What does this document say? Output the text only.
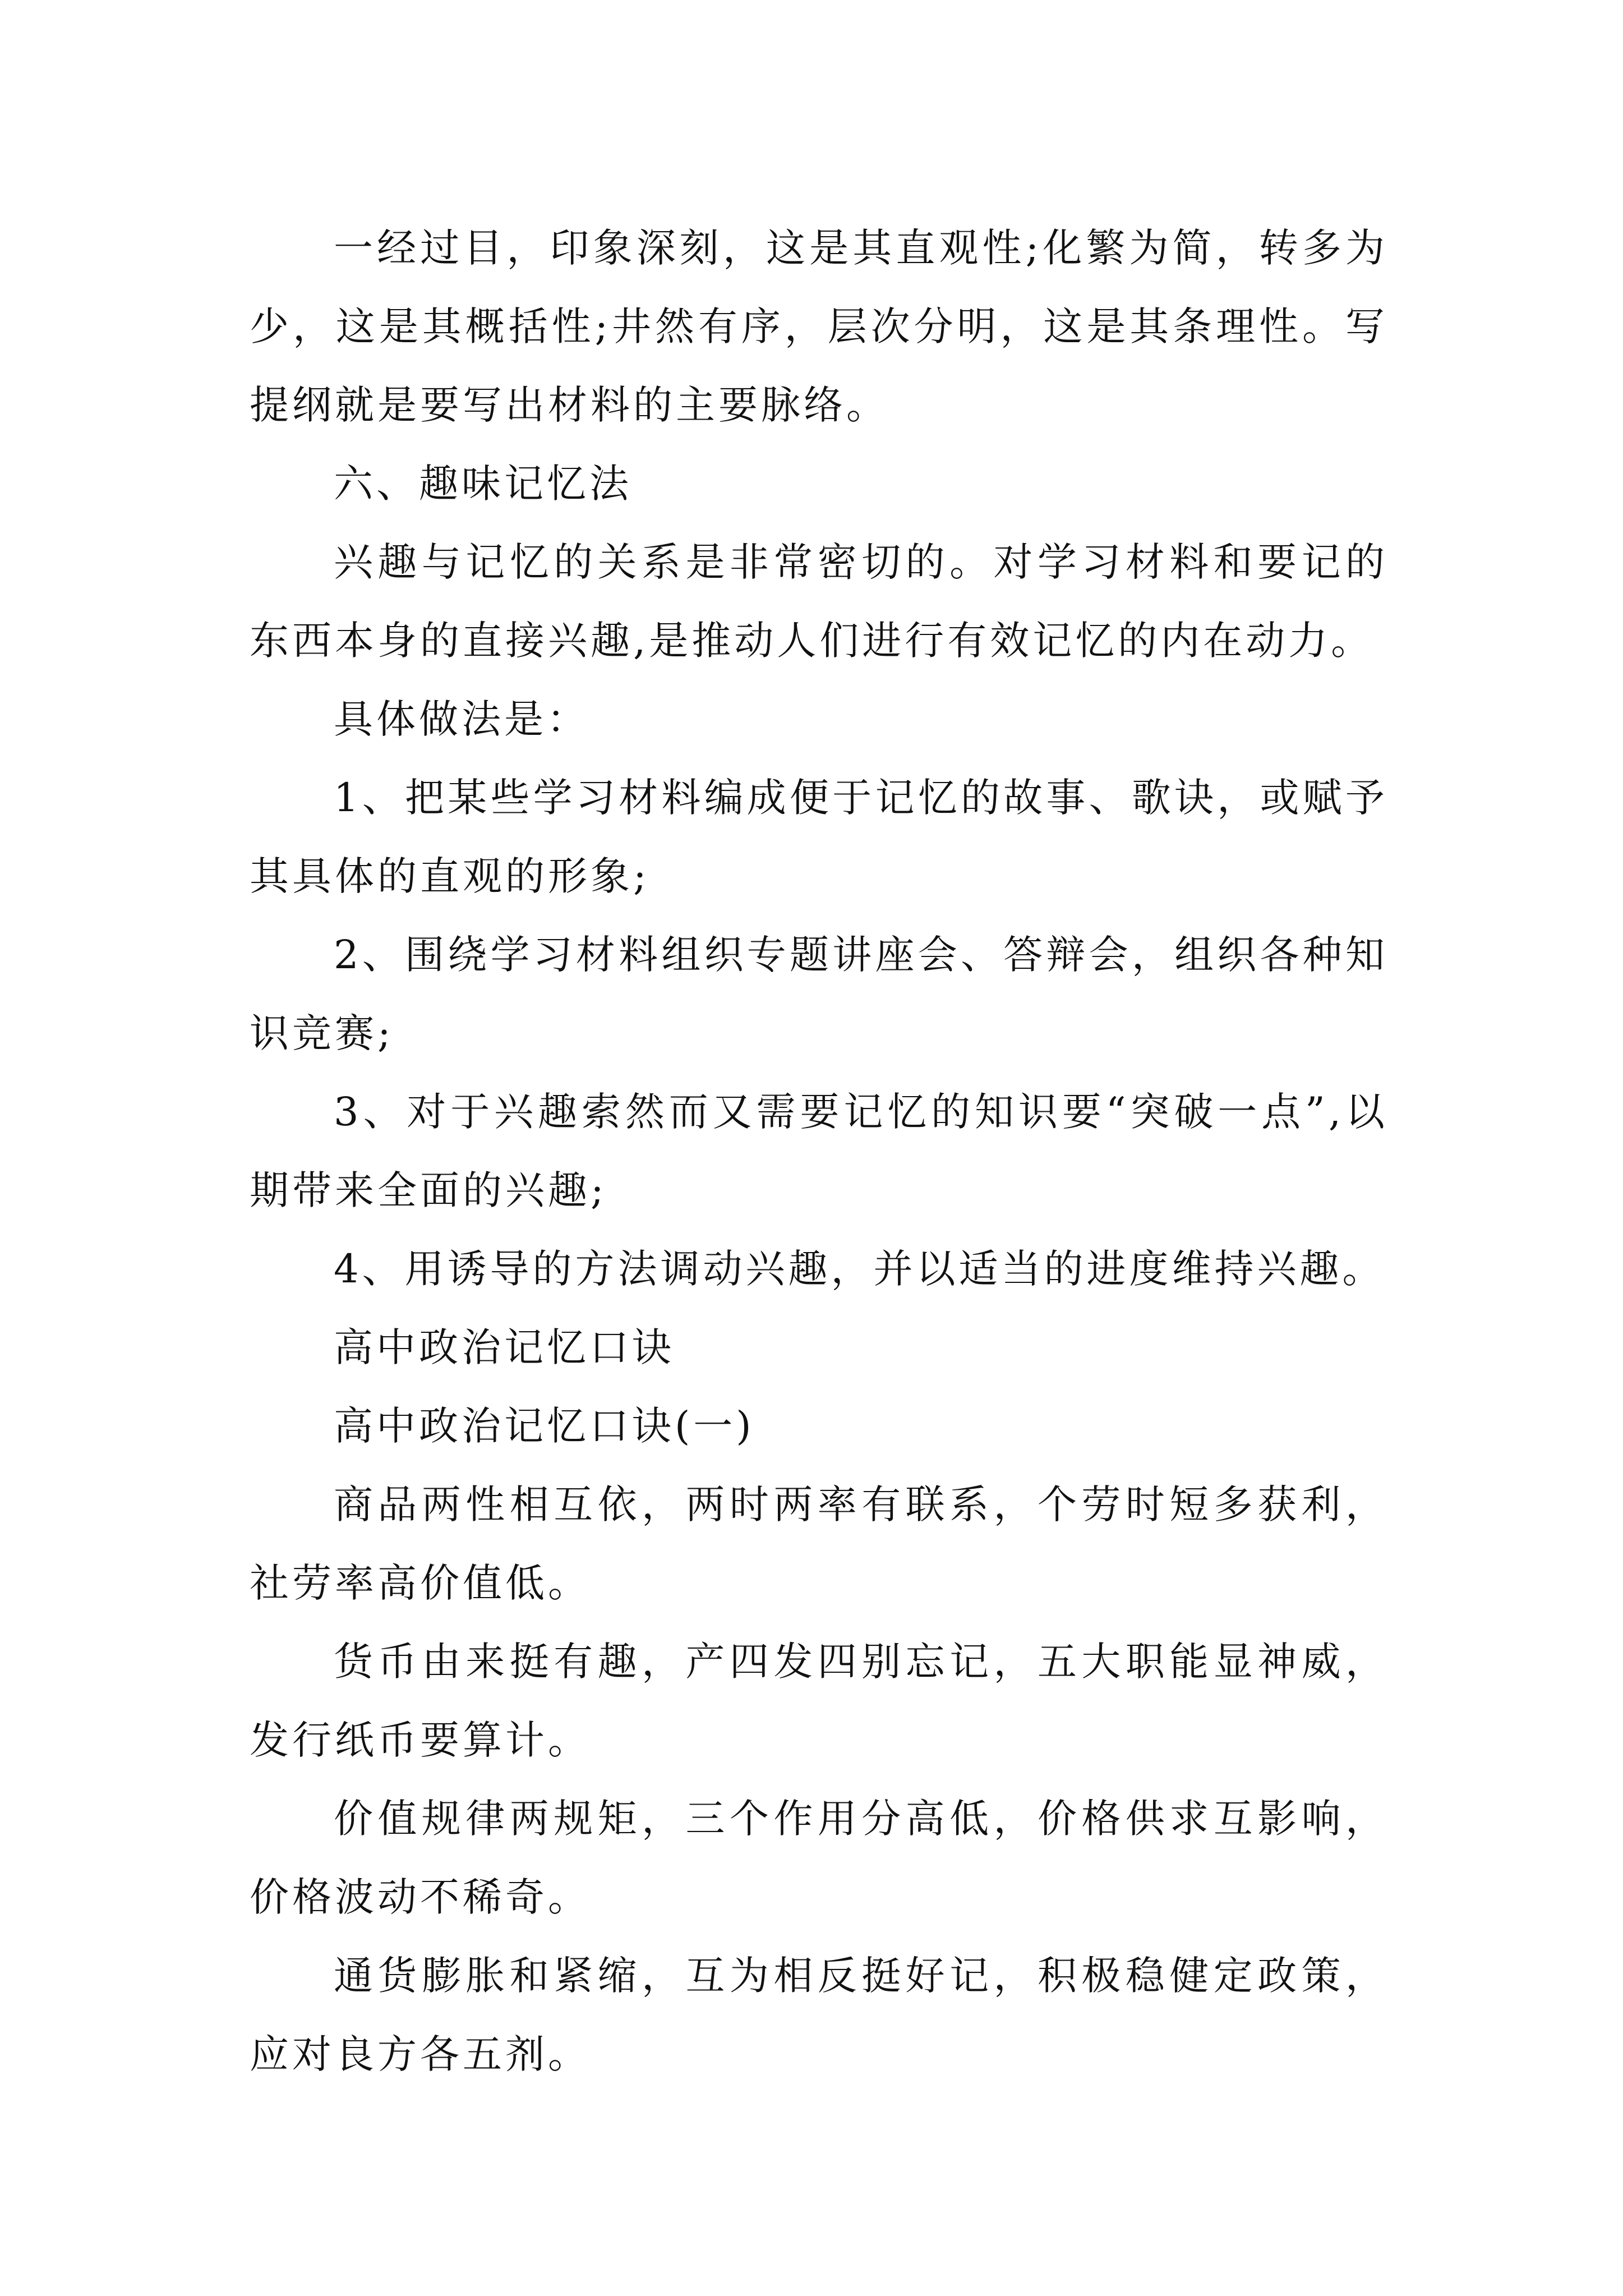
一经过目，印象深刻，这是其直观性;化繁为简，转多为少，这是其概括性;井然有序，层次分明，这是其条理性。写提纲就是要写出材料的主要脉络。

六、趣味记忆法

兴趣与记忆的关系是非常密切的。对学习材料和要记的东西本身的直接兴趣,是推动人们进行有效记忆的内在动力。

具体做法是：

1、把某些学习材料编成便于记忆的故事、歌诀，或赋予其具体的直观的形象;

2、围绕学习材料组织专题讲座会、答辩会，组织各种知识竞赛;

3、对于兴趣索然而又需要记忆的知识要“突破一点”,以期带来全面的兴趣;

4、用诱导的方法调动兴趣，并以适当的进度维持兴趣。

高中政治记忆口诀

高中政治记忆口诀(一)

商品两性相互依，两时两率有联系，个劳时短多获利，社劳率高价值低。

货币由来挺有趣，产四发四别忘记，五大职能显神威，发行纸币要算计。

价值规律两规矩，三个作用分高低，价格供求互影响，价格波动不稀奇。

通货膨胀和紧缩，互为相反挺好记，积极稳健定政策，应对良方各五剂。
